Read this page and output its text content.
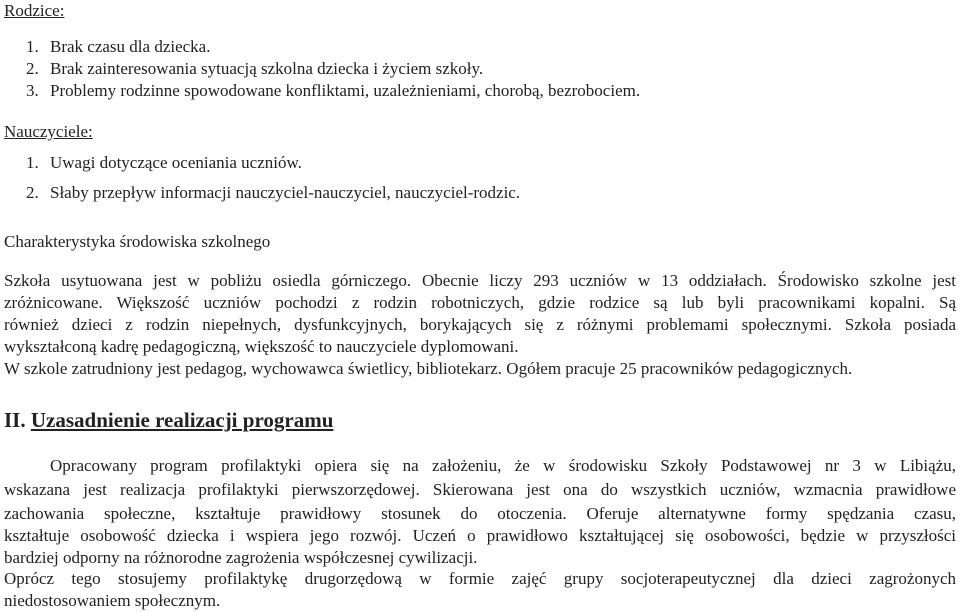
Rodzice:
1. Brak czasu dla dziecka.
2. Brak zainteresowania sytuacją szkolna dziecka i życiem szkoły.
3. Problemy rodzinne spowodowane konfliktami, uzależnieniami, chorobą, bezrobociem.
Nauczyciele:
1. Uwagi dotyczące oceniania uczniów.
2. Słaby przepływ informacji nauczyciel-nauczyciel, nauczyciel-rodzic.
Charakterystyka środowiska szkolnego
Szkoła usytuowana jest w pobliżu osiedla górniczego. Obecnie liczy 293 uczniów w 13 oddziałach. Środowisko szkolne jest
zróżnicowane. Większość uczniów pochodzi z rodzin robotniczych, gdzie rodzice są lub byli pracownikami kopalni. Są
również dzieci z rodzin niepełnych, dysfunkcyjnych, borykających się z różnymi problemami społecznymi. Szkoła posiada
wykształconą kadrę pedagogiczną, większość to nauczyciele dyplomowani.
W szkole zatrudniony jest pedagog, wychowawca świetlicy, bibliotekarz. Ogółem pracuje 25 pracowników pedagogicznych.
II. Uzasadnienie realizacji programu
Opracowany program profilaktyki opiera się na założeniu, że w środowisku Szkoły Podstawowej nr 3 w Libiążu,
wskazana jest realizacja profilaktyki pierwszorzędowej. Skierowana jest ona do wszystkich uczniów, wzmacnia prawidłowe
zachowania społeczne, kształtuje prawidłowy stosunek do otoczenia. Oferuje alternatywne formy spędzania czasu,
kształtuje osobowość dziecka i wspiera jego rozwój. Uczeń o prawidłowo kształtującej się osobowości, będzie w przyszłości
bardziej odporny na różnorodne zagrożenia współczesnej cywilizacji.
Oprócz tego stosujemy profilaktykę drugorzędową w formie zajęć grupy socjoterapeutycznej dla dzieci zagrożonych
niedostosowaniem społecznym.
